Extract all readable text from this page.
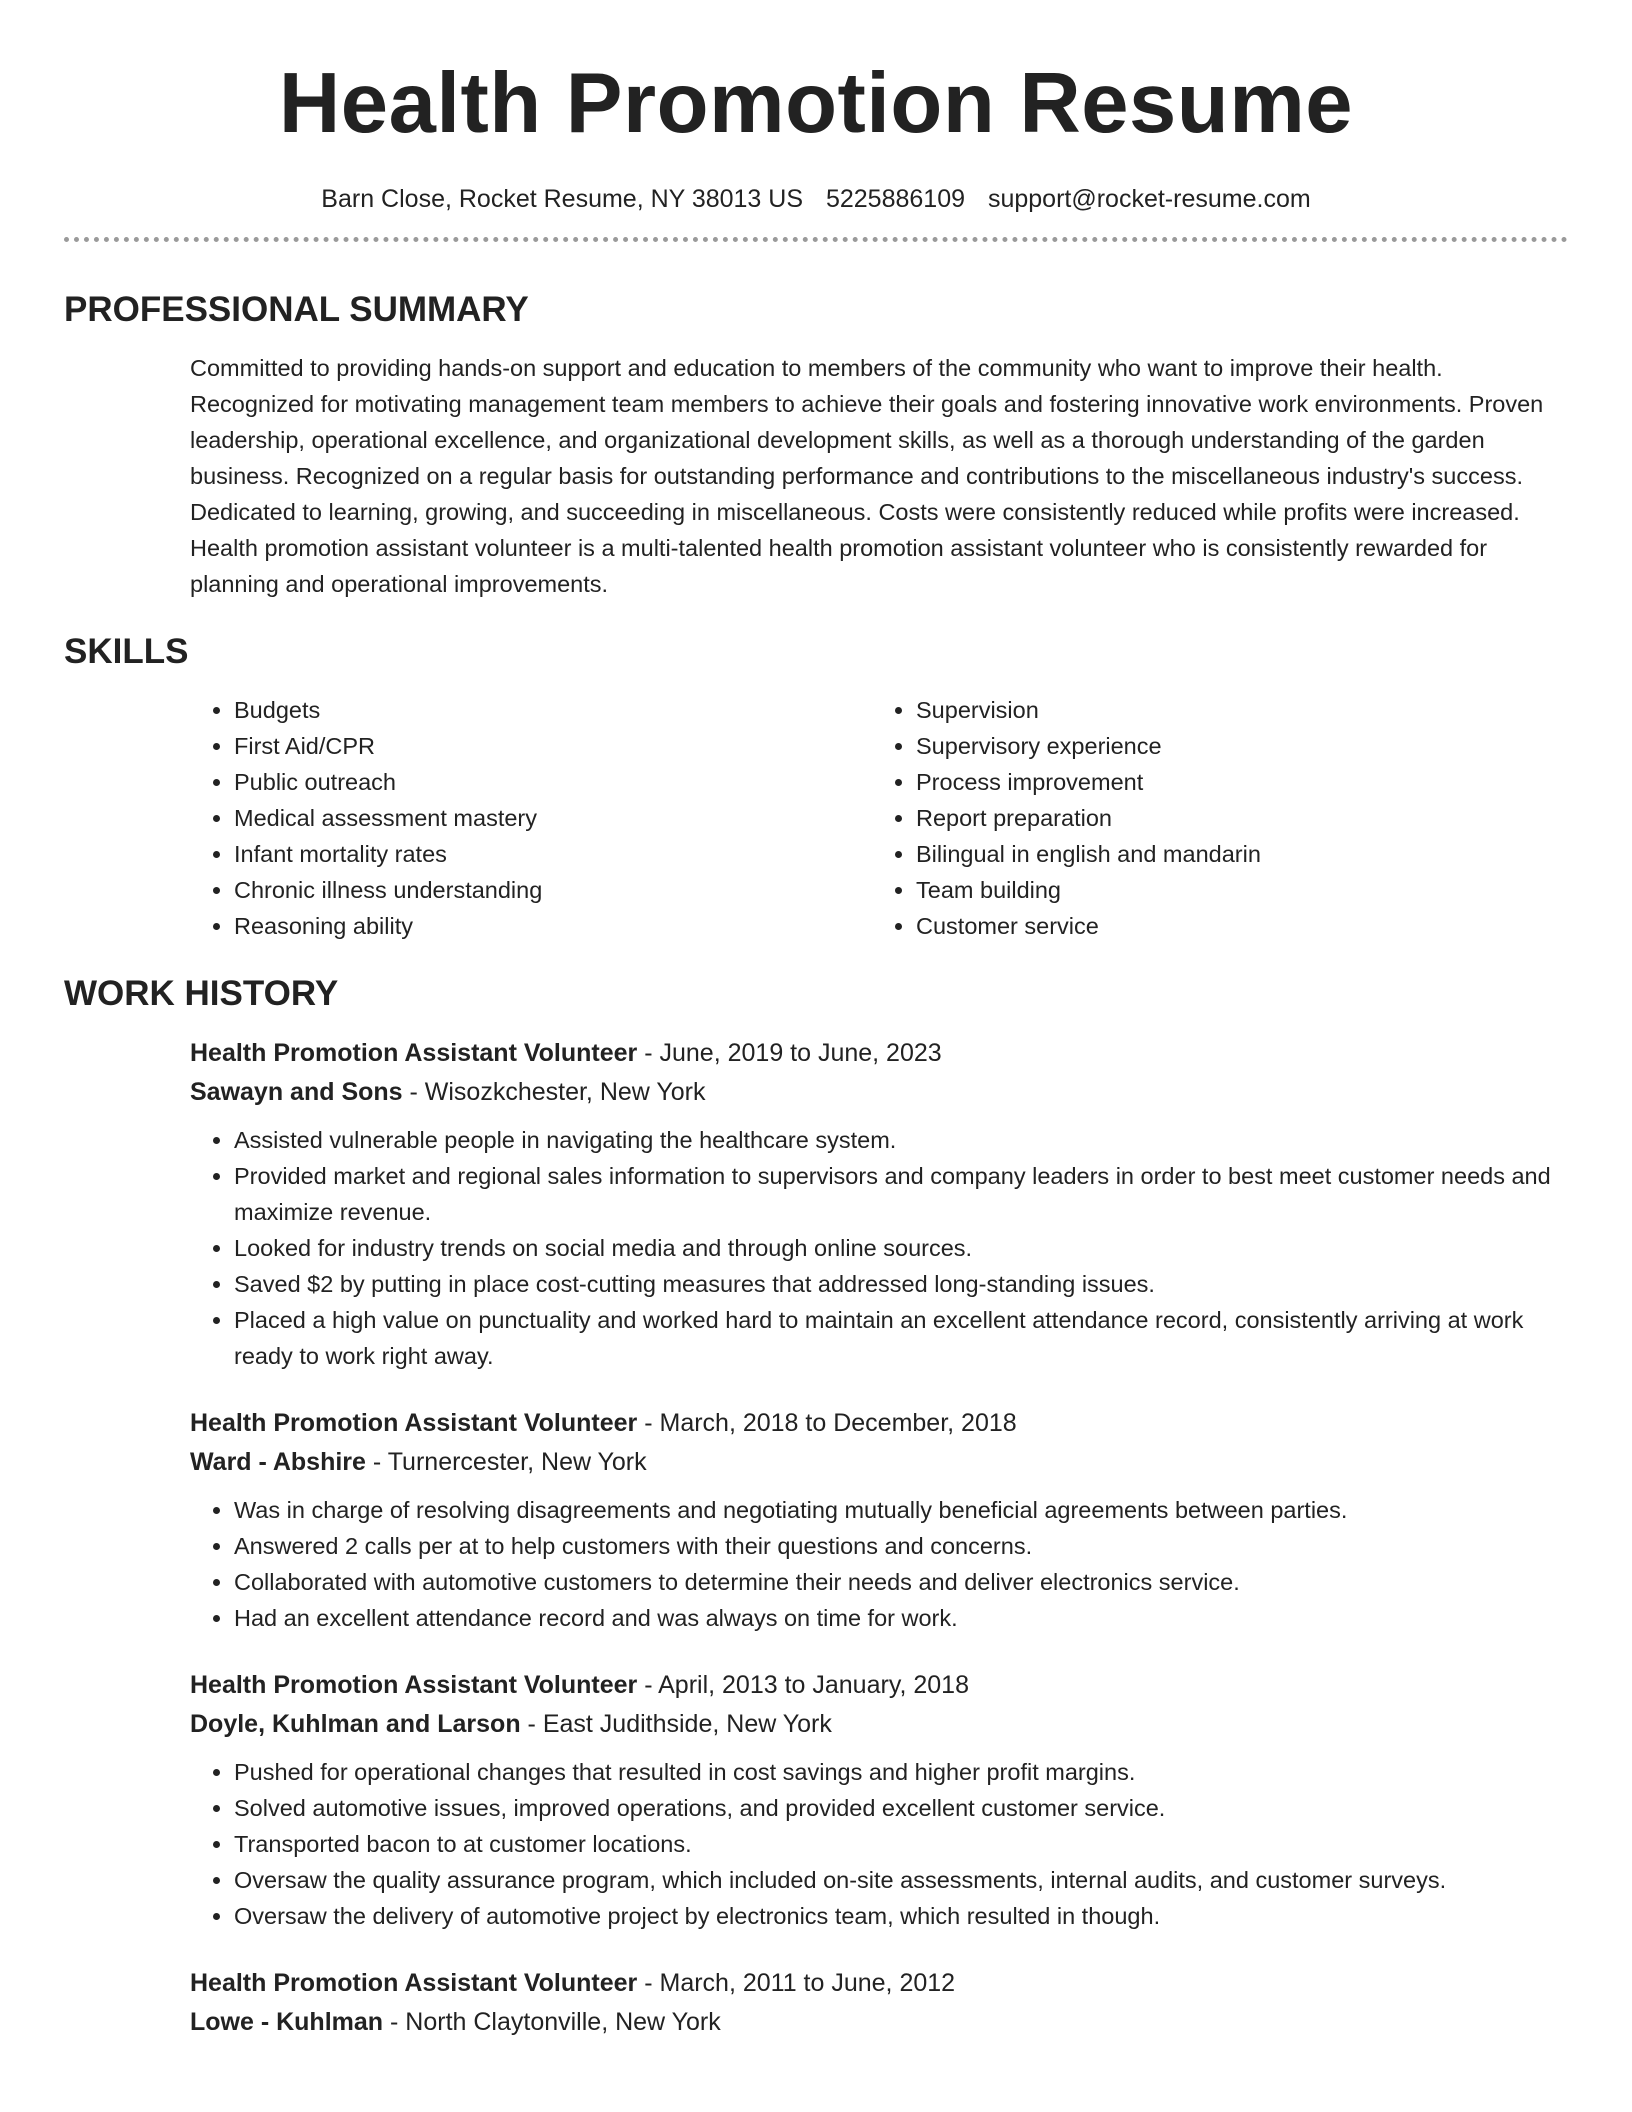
Health Promotion Resume
Barn Close, Rocket Resume, NY 38013 US 5225886109 support@rocket-resume.com
PROFESSIONAL SUMMARY

Committed to providing hands-on support and education to members of the community who want to improve their health. Recognized for motivating management team members to achieve their goals and fostering innovative work environments. Proven leadership, operational excellence, and organizational development skills, as well as a thorough understanding of the garden business. Recognized on a regular basis for outstanding performance and contributions to the miscellaneous industry's success. Dedicated to learning, growing, and succeeding in miscellaneous. Costs were consistently reduced while profits were increased. Health promotion assistant volunteer is a multi-talented health promotion assistant volunteer who is consistently rewarded for planning and operational improvements.

SKILLS
• Budgets
• First Aid/CPR
• Public outreach
• Medical assessment mastery
• Infant mortality rates
• Chronic illness understanding
• Reasoning ability
• Supervision
• Supervisory experience
• Process improvement
• Report preparation
• Bilingual in english and mandarin
• Team building
• Customer service
WORK HISTORY
Health Promotion Assistant Volunteer - June, 2019 to June, 2023
Sawayn and Sons - Wisozkchester, New York
• Assisted vulnerable people in navigating the healthcare system.
• Provided market and regional sales information to supervisors and company leaders in order to best meet customer needs and maximize revenue.
• Looked for industry trends on social media and through online sources.
• Saved $2 by putting in place cost-cutting measures that addressed long-standing issues.
• Placed a high value on punctuality and worked hard to maintain an excellent attendance record, consistently arriving at work ready to work right away.
Health Promotion Assistant Volunteer - March, 2018 to December, 2018
Ward - Abshire - Turnercester, New York
• Was in charge of resolving disagreements and negotiating mutually beneficial agreements between parties.
• Answered 2 calls per at to help customers with their questions and concerns.
• Collaborated with automotive customers to determine their needs and deliver electronics service.
• Had an excellent attendance record and was always on time for work.
Health Promotion Assistant Volunteer - April, 2013 to January, 2018
Doyle, Kuhlman and Larson - East Judithside, New York
• Pushed for operational changes that resulted in cost savings and higher profit margins.
• Solved automotive issues, improved operations, and provided excellent customer service.
• Transported bacon to at customer locations.
• Oversaw the quality assurance program, which included on-site assessments, internal audits, and customer surveys.
• Oversaw the delivery of automotive project by electronics team, which resulted in though.
Health Promotion Assistant Volunteer - March, 2011 to June, 2012
Lowe - Kuhlman - North Claytonville, New York
